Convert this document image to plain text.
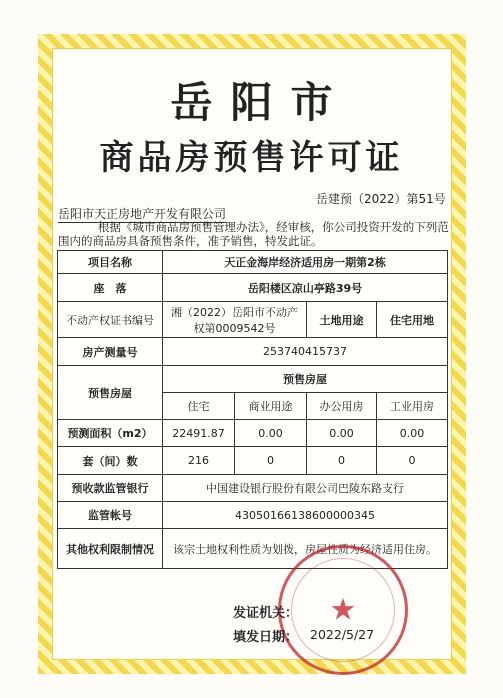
岳阳市
商品房预售许可证
岳建预（2022）第51号
岳阳市天正房地产开发有限公司
根据《城市商品房预售管理办法》，经审核，你公司投资开发的下列范围内的商品房具备预售条件，准予销售，特发此证。
项目名称	天正金海岸经济适用房一期第2栋			
座　落	岳阳楼区凉山亭路39号			
不动产权证书编号	湘（2022）岳阳市不动产权第0009542号		土地用途	住宅用地
房产测量号	253740415737			
预售房屋	预售房屋			
	住宅	商业用途	办公用房	工业用房
预测面积（m2）	22491.87	0.00	0.00	0.00
套（间）数	216	0	0	0
预收款监管银行	中国建设银行股份有限公司巴陵东路支行			
监管帐号	43050166138600000345			
其他权利限制情况	该宗土地权利性质为划拨，房屋性质为经济适用住房。			
★
发证机关：
填发日期： 2022/5/27
